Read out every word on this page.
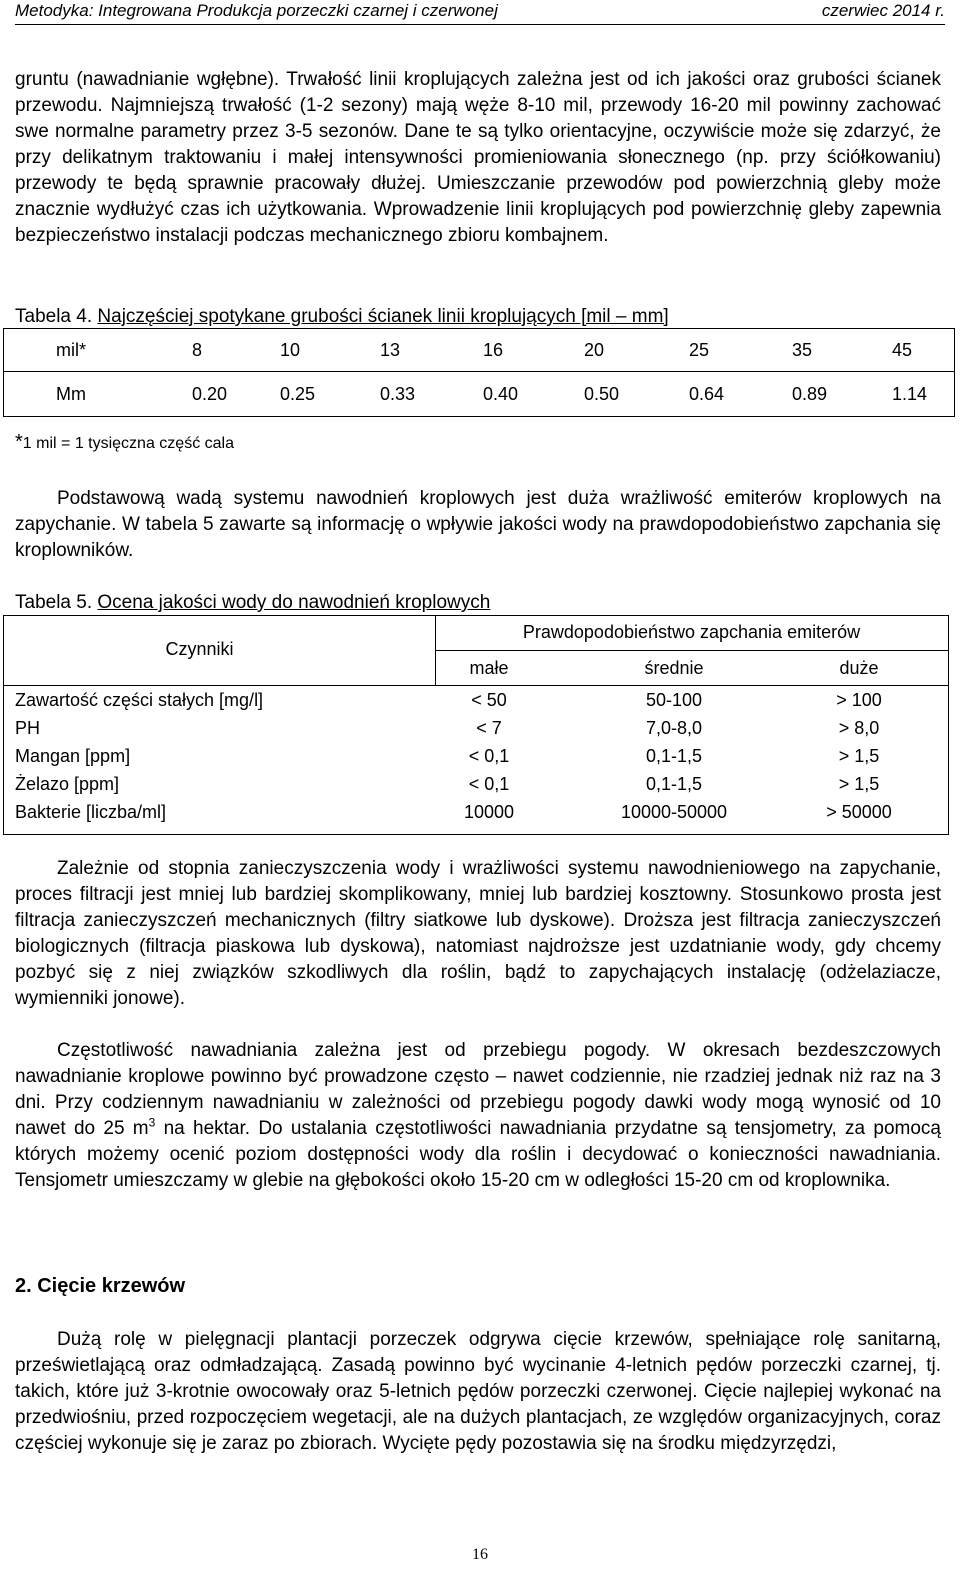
Metodyka: Integrowana Produkcja porzeczki czarnej i czerwonej	czerwiec 2014 r.

gruntu (nawadnianie wgłębne). Trwałość linii kroplujących zależna jest od ich jakości oraz grubości ścianek przewodu. Najmniejszą trwałość (1-2 sezony) mają węże 8-10 mil, przewody 16-20 mil powinny zachować swe normalne parametry przez 3-5 sezonów. Dane te są tylko orientacyjne, oczywiście może się zdarzyć, że przy delikatnym traktowaniu i małej intensywności promieniowania słonecznego (np. przy ściółkowaniu) przewody te będą sprawnie pracowały dłużej. Umieszczanie przewodów pod powierzchnią gleby może znacznie wydłużyć czas ich użytkowania. Wprowadzenie linii kroplujących pod powierzchnię gleby zapewnia bezpieczeństwo instalacji podczas mechanicznego zbioru kombajnem.

Tabela 4. Najczęściej spotykane grubości ścianek linii kroplujących [mil – mm]
mil*	8	10	13	16	20	25	35	45
Mm	0.20	0.25	0.33	0.40	0.50	0.64	0.89	1.14
*1 mil = 1 tysięczna część cala

Podstawową wadą systemu nawodnień kroplowych jest duża wrażliwość emiterów kroplowych na zapychanie. W tabela 5 zawarte są informację o wpływie jakości wody na prawdopodobieństwo zapchania się kroplowników.

Tabela 5. Ocena jakości wody do nawodnień kroplowych
Czynniki
Prawdopodobieństwo zapchania emiterów
małe	średnie	duże
Zawartość części stałych [mg/l]	< 50	50-100	> 100
PH	< 7	7,0-8,0	> 8,0
Mangan [ppm]	< 0,1	0,1-1,5	> 1,5
Żelazo [ppm]	< 0,1	0,1-1,5	> 1,5
Bakterie [liczba/ml]	10000	10000-50000	> 50000

Zależnie od stopnia zanieczyszczenia wody i wrażliwości systemu nawodnieniowego na zapychanie, proces filtracji jest mniej lub bardziej skomplikowany, mniej lub bardziej kosztowny. Stosunkowo prosta jest filtracja zanieczyszczeń mechanicznych (filtry siatkowe lub dyskowe). Droższa jest filtracja zanieczyszczeń biologicznych (filtracja piaskowa lub dyskowa), natomiast najdroższe jest uzdatnianie wody, gdy chcemy pozbyć się z niej związków szkodliwych dla roślin, bądź to zapychających instalację (odżelaziacze, wymienniki jonowe).

Częstotliwość nawadniania zależna jest od przebiegu pogody. W okresach bezdeszczowych nawadnianie kroplowe powinno być prowadzone często – nawet codziennie, nie rzadziej jednak niż raz na 3 dni. Przy codziennym nawadnianiu w zależności od przebiegu pogody dawki wody mogą wynosić od 10 nawet do 25 $m^3$ na hektar. Do ustalania częstotliwości nawadniania przydatne są tensjometry, za pomocą których możemy ocenić poziom dostępności wody dla roślin i decydować o konieczności nawadniania. Tensjometr umieszczamy w glebie na głębokości około 15-20 cm w odległości 15-20 cm od kroplownika.

2. Cięcie krzewów

Dużą rolę w pielęgnacji plantacji porzeczek odgrywa cięcie krzewów, spełniające rolę sanitarną, prześwietlającą oraz odmładzającą. Zasadą powinno być wycinanie 4-letnich pędów porzeczki czarnej, tj. takich, które już 3-krotnie owocowały oraz 5-letnich pędów porzeczki czerwonej. Cięcie najlepiej wykonać na przedwiośniu, przed rozpoczęciem wegetacji, ale na dużych plantacjach, ze względów organizacyjnych, coraz częściej wykonuje się je zaraz po zbiorach. Wycięte pędy pozostawia się na środku międzyrzędzi,

16
